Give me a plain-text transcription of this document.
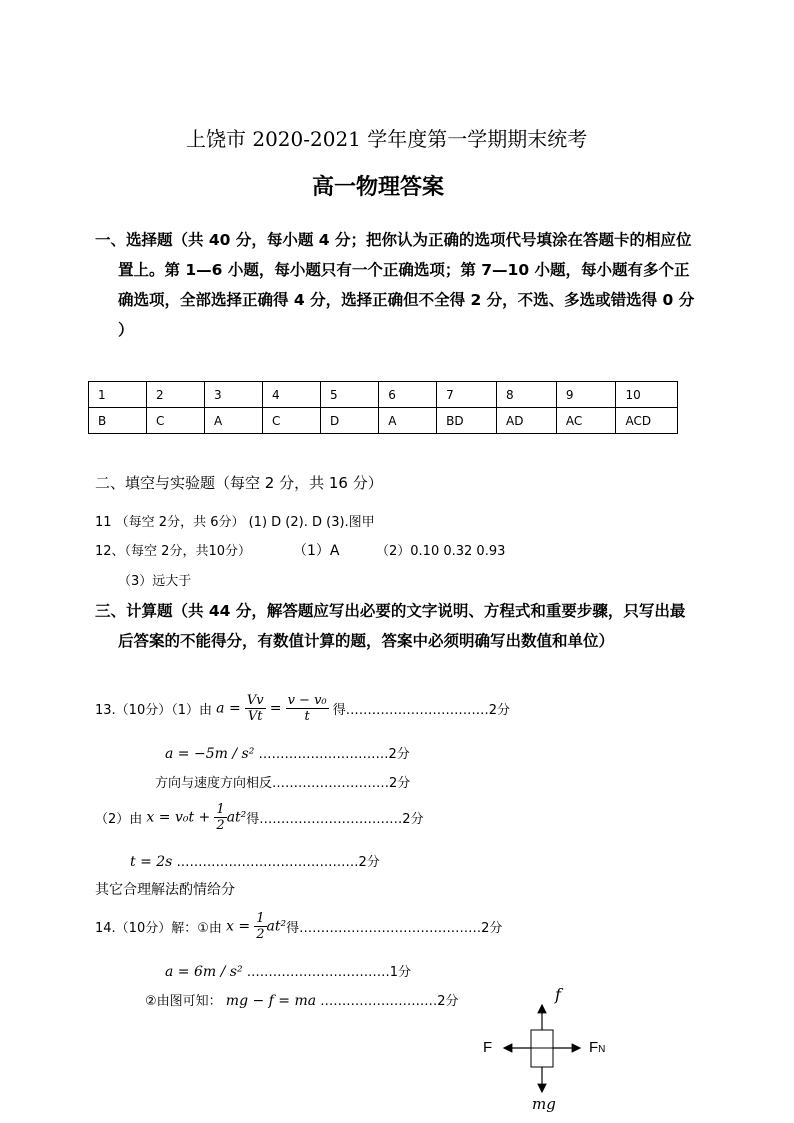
上饶市 2020-2021 学年度第一学期期末统考
高一物理答案
一、选择题（共 40 分，每小题 4 分；把你认为正确的选项代号填涂在答题卡的相应位
置上。第 1—6 小题，每小题只有一个正确选项；第 7—10 小题，每小题有多个正
确选项，全部选择正确得 4 分，选择正确但不全得 2 分，不选、多选或错选得 0 分
）
1	2	3	4	5	6	7	8	9	10
B	C	A	C	D	A	BD	AD	AC	ACD
二、填空与实验题（每空 2 分，共 16 分）
11 （每空 2分，共 6分） (1) D (2). D (3).图甲
12、（每空 2分，共10分）	（1）A	（2）0.10 0.32 0.93
（3）远大于
三、计算题（共 44 分，解答题应写出必要的文字说明、方程式和重要步骤，只写出最
后答案的不能得分，有数值计算的题，答案中必须明确写出数值和单位）
13.（10分）（1）由 $a = \frac{Vv}{Vt} = \frac{\text{v − v₀}}{t}$ 得……………………………2分
a = −5m / s² …………………………2分
方向与速度方向相反………………………2分
（2）由 $x = v_0t + \frac{1}{2} at^2$得……………………………2分
t = 2s ……………………………………2分
其它合理解法酌情给分
14.（10分）解：①由 $x = \frac{1}{2} at^2$得……………………………………2分
a = 6m / s² ……………………………1分
②由图可知： mg − f = ma ………………………2分	f
F	FN
mg
